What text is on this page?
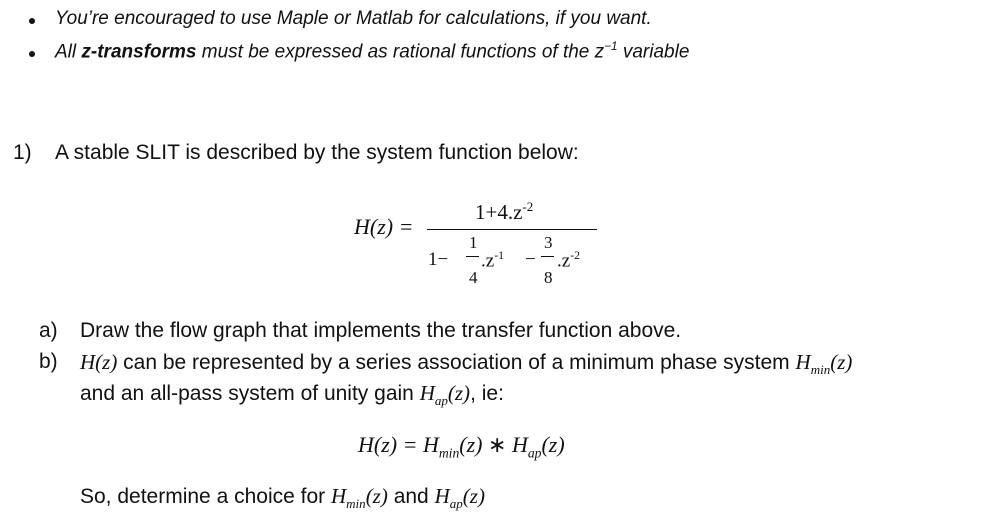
You’re encouraged to use Maple or Matlab for calculations, if you want.
All z-transforms must be expressed as rational functions of the $z^{-1}$ variable
1) A stable SLIT is described by the system function below:
H(z) =
$1+4.z^{-2}$
1−
1
4
$.z^{-1}$ −
3
8
$.z^{-2}$
a) Draw the flow graph that implements the transfer function above.
b) H(z) can be represented by a series association of a minimum phase system $H_{min}(z)$
and an all-pass system of unity gain $H_{ap}(z)$, ie:
$H(z) = H_{min}(z)$ ∗ $H_{ap}(z)$
So, determine a choice for $H_{min}(z)$ and $H_{ap}(z)$
